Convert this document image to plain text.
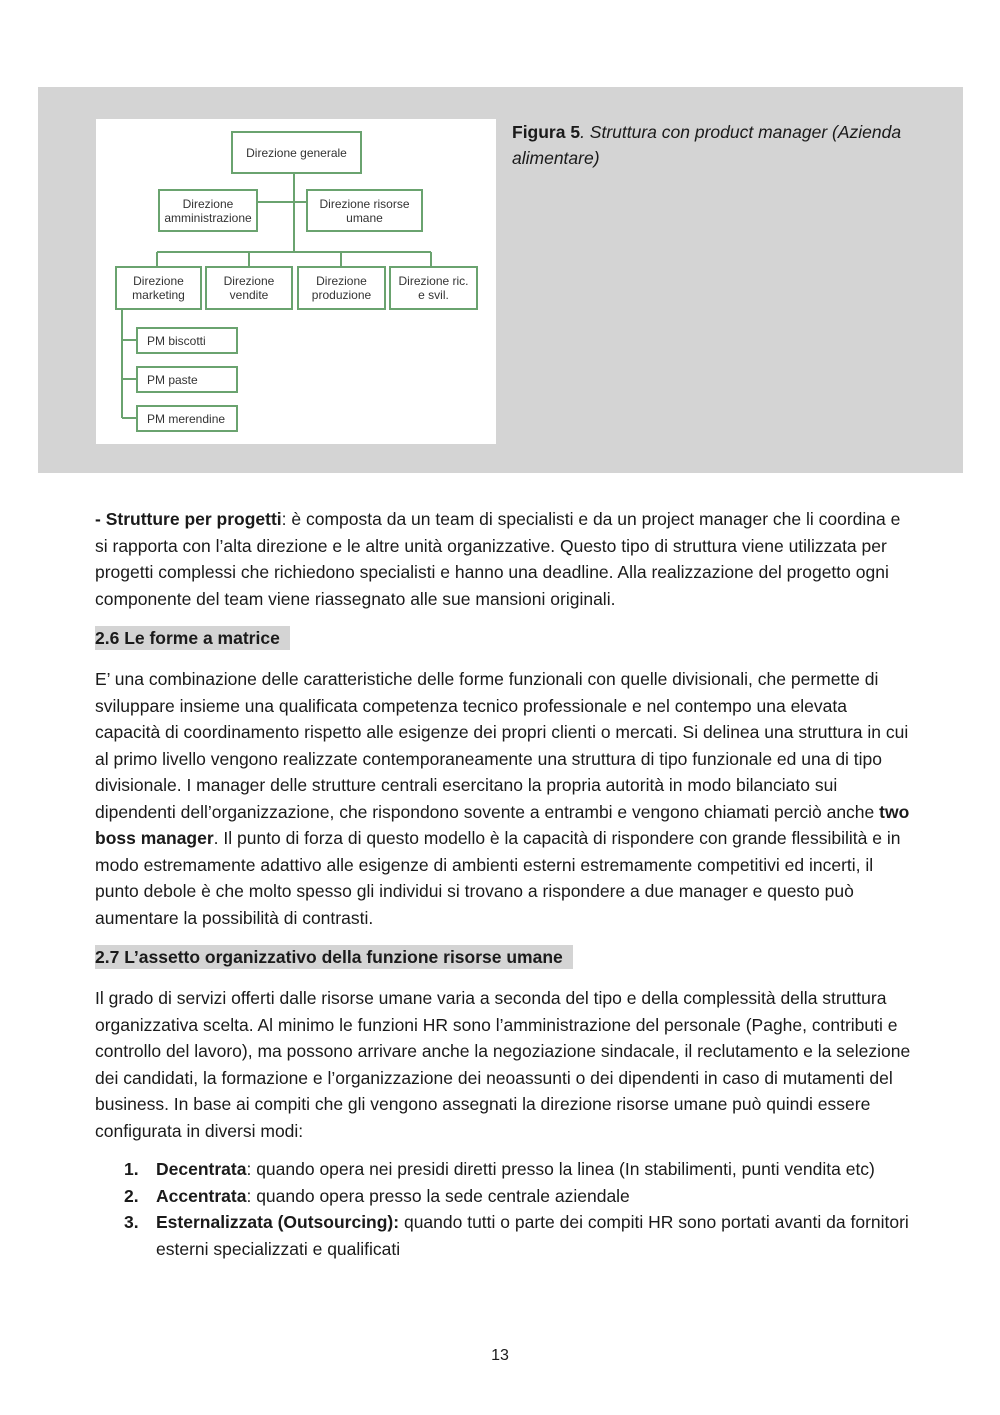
Direzione generale
Direzione amministrazione
Direzione risorse umane
Direzione marketing
Direzione vendite
Direzione produzione
Direzione ric. e svil.
PM biscotti
PM paste
PM merendine
Figura 5. Struttura con product manager (Azienda alimentare)

- Strutture per progetti: è composta da un team di specialisti e da un project manager che li coordina e si rapporta con l’alta direzione e le altre unità organizzative. Questo tipo di struttura viene utilizzata per progetti complessi che richiedono specialisti e hanno una deadline. Alla realizzazione del progetto ogni componente del team viene riassegnato alle sue mansioni originali.

2.6 Le forme a matrice

E’ una combinazione delle caratteristiche delle forme funzionali con quelle divisionali, che permette di sviluppare insieme una qualificata competenza tecnico professionale e nel contempo una elevata capacità di coordinamento rispetto alle esigenze dei propri clienti o mercati. Si delinea una struttura in cui al primo livello vengono realizzate contemporaneamente una struttura di tipo funzionale ed una di tipo divisionale. I manager delle strutture centrali esercitano la propria autorità in modo bilanciato sui dipendenti dell’organizzazione, che rispondono sovente a entrambi e vengono chiamati perciò anche two boss manager. Il punto di forza di questo modello è la capacità di rispondere con grande flessibilità e in modo estremamente adattivo alle esigenze di ambienti esterni estremamente competitivi ed incerti, il punto debole è che molto spesso gli individui si trovano a rispondere a due manager e questo può aumentare la possibilità di contrasti.

2.7 L’assetto organizzativo della funzione risorse umane

Il grado di servizi offerti dalle risorse umane varia a seconda del tipo e della complessità della struttura organizzativa scelta. Al minimo le funzioni HR sono l’amministrazione del personale (Paghe, contributi e controllo del lavoro), ma possono arrivare anche la negoziazione sindacale, il reclutamento e la selezione dei candidati, la formazione e l’organizzazione dei neoassunti o dei dipendenti in caso di mutamenti del business. In base ai compiti che gli vengono assegnati la direzione risorse umane può quindi essere configurata in diversi modi:

1. Decentrata: quando opera nei presidi diretti presso la linea (In stabilimenti, punti vendita etc)
2. Accentrata: quando opera presso la sede centrale aziendale
3. Esternalizzata (Outsourcing): quando tutti o parte dei compiti HR sono portati avanti da fornitori esterni specializzati e qualificati
13
